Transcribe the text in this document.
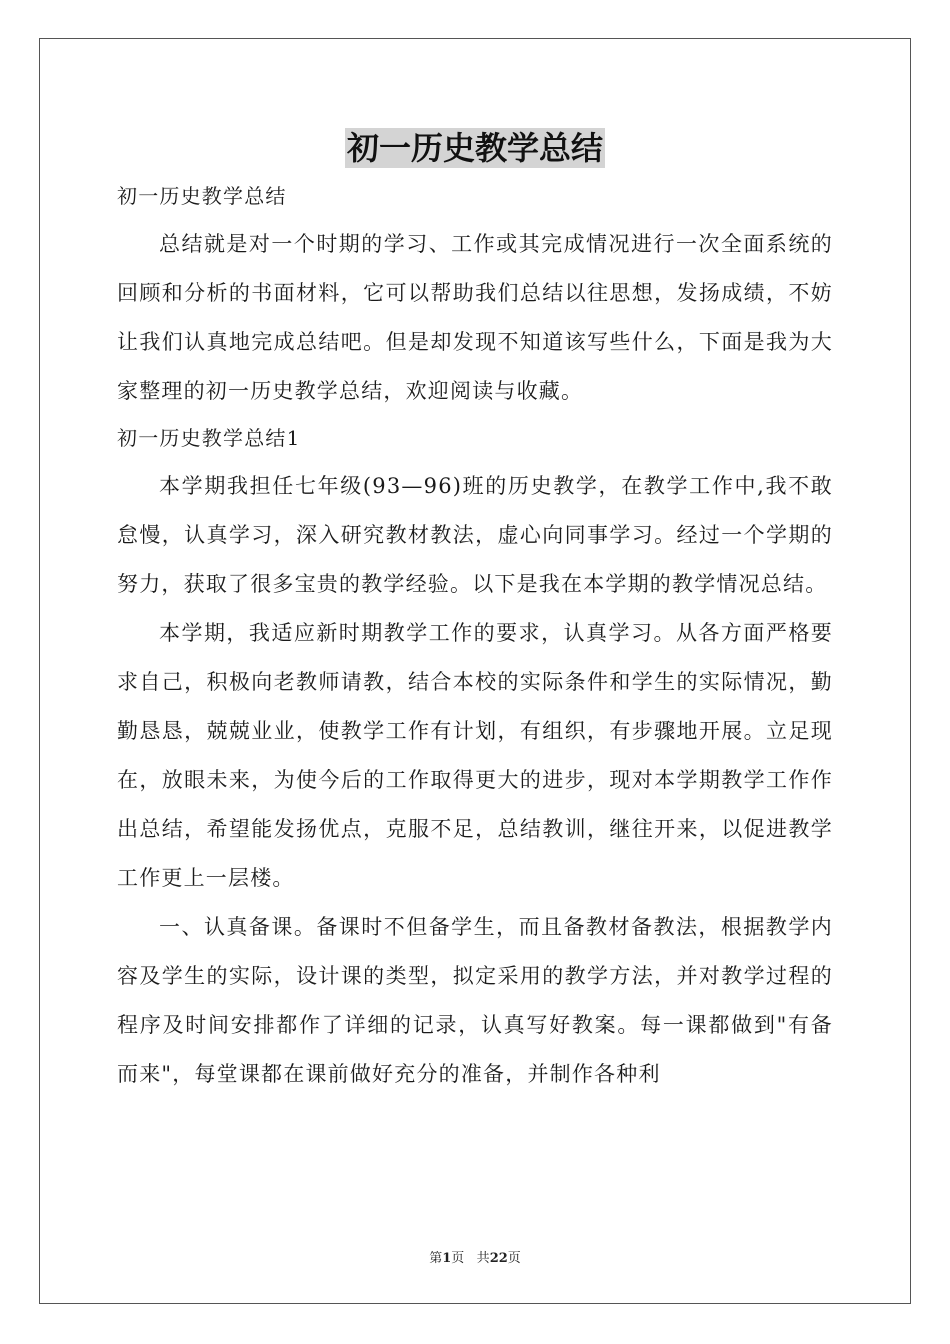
初一历史教学总结

初一历史教学总结

总结就是对一个时期的学习、工作或其完成情况进行一次全面系统的回顾和分析的书面材料，它可以帮助我们总结以往思想，发扬成绩，不妨让我们认真地完成总结吧。但是却发现不知道该写些什么，下面是我为大家整理的初一历史教学总结，欢迎阅读与收藏。

初一历史教学总结1

本学期我担任七年级(93—96)班的历史教学，在教学工作中,我不敢怠慢，认真学习，深入研究教材教法，虚心向同事学习。经过一个学期的努力，获取了很多宝贵的教学经验。以下是我在本学期的教学情况总结。

本学期，我适应新时期教学工作的要求，认真学习。从各方面严格要求自己，积极向老教师请教，结合本校的实际条件和学生的实际情况，勤勤恳恳，兢兢业业，使教学工作有计划，有组织，有步骤地开展。立足现在，放眼未来，为使今后的工作取得更大的进步，现对本学期教学工作作出总结，希望能发扬优点，克服不足，总结教训，继往开来，以促进教学工作更上一层楼。

一、认真备课。备课时不但备学生，而且备教材备教法，根据教学内容及学生的实际，设计课的类型，拟定采用的教学方法，并对教学过程的程序及时间安排都作了详细的记录，认真写好教案。每一课都做到"有备而来"，每堂课都在课前做好充分的准备，并制作各种利

第1页 共22页
